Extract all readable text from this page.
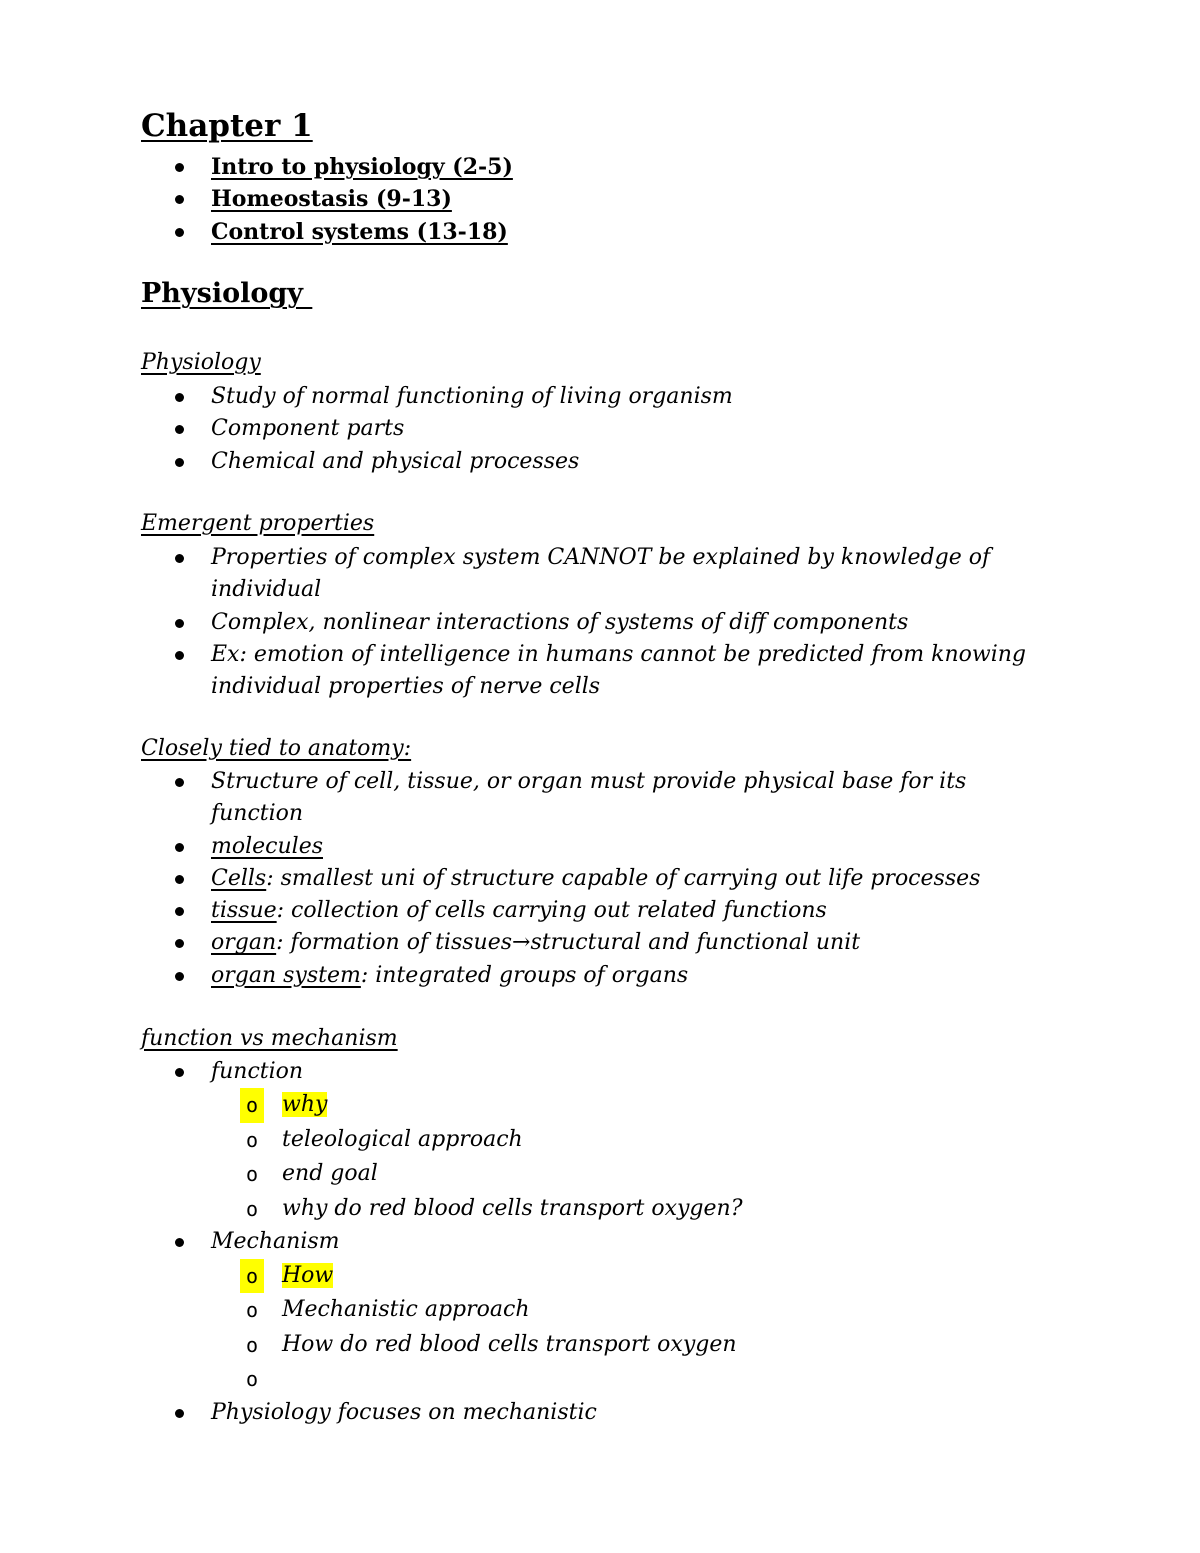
Chapter 1
Intro to physiology (2-5)
Homeostasis (9-13)
Control systems (13-18)
Physiology
Physiology
Study of normal functioning of living organism
Component parts
Chemical and physical processes
Emergent properties
Properties of complex system CANNOT be explained by knowledge of individual
Complex, nonlinear interactions of systems of diff components
Ex: emotion of intelligence in humans cannot be predicted from knowing individual properties of nerve cells
Closely tied to anatomy:
Structure of cell, tissue, or organ must provide physical base for its function
molecules
Cells: smallest uni of structure capable of carrying out life processes
tissue: collection of cells carrying out related functions
organ: formation of tissues→structural and functional unit
organ system: integrated groups of organs
function vs mechanism
function
o why
o teleological approach
o end goal
o why do red blood cells transport oxygen?
Mechanism
o How
o Mechanistic approach
o How do red blood cells transport oxygen
o
Physiology focuses on mechanistic
